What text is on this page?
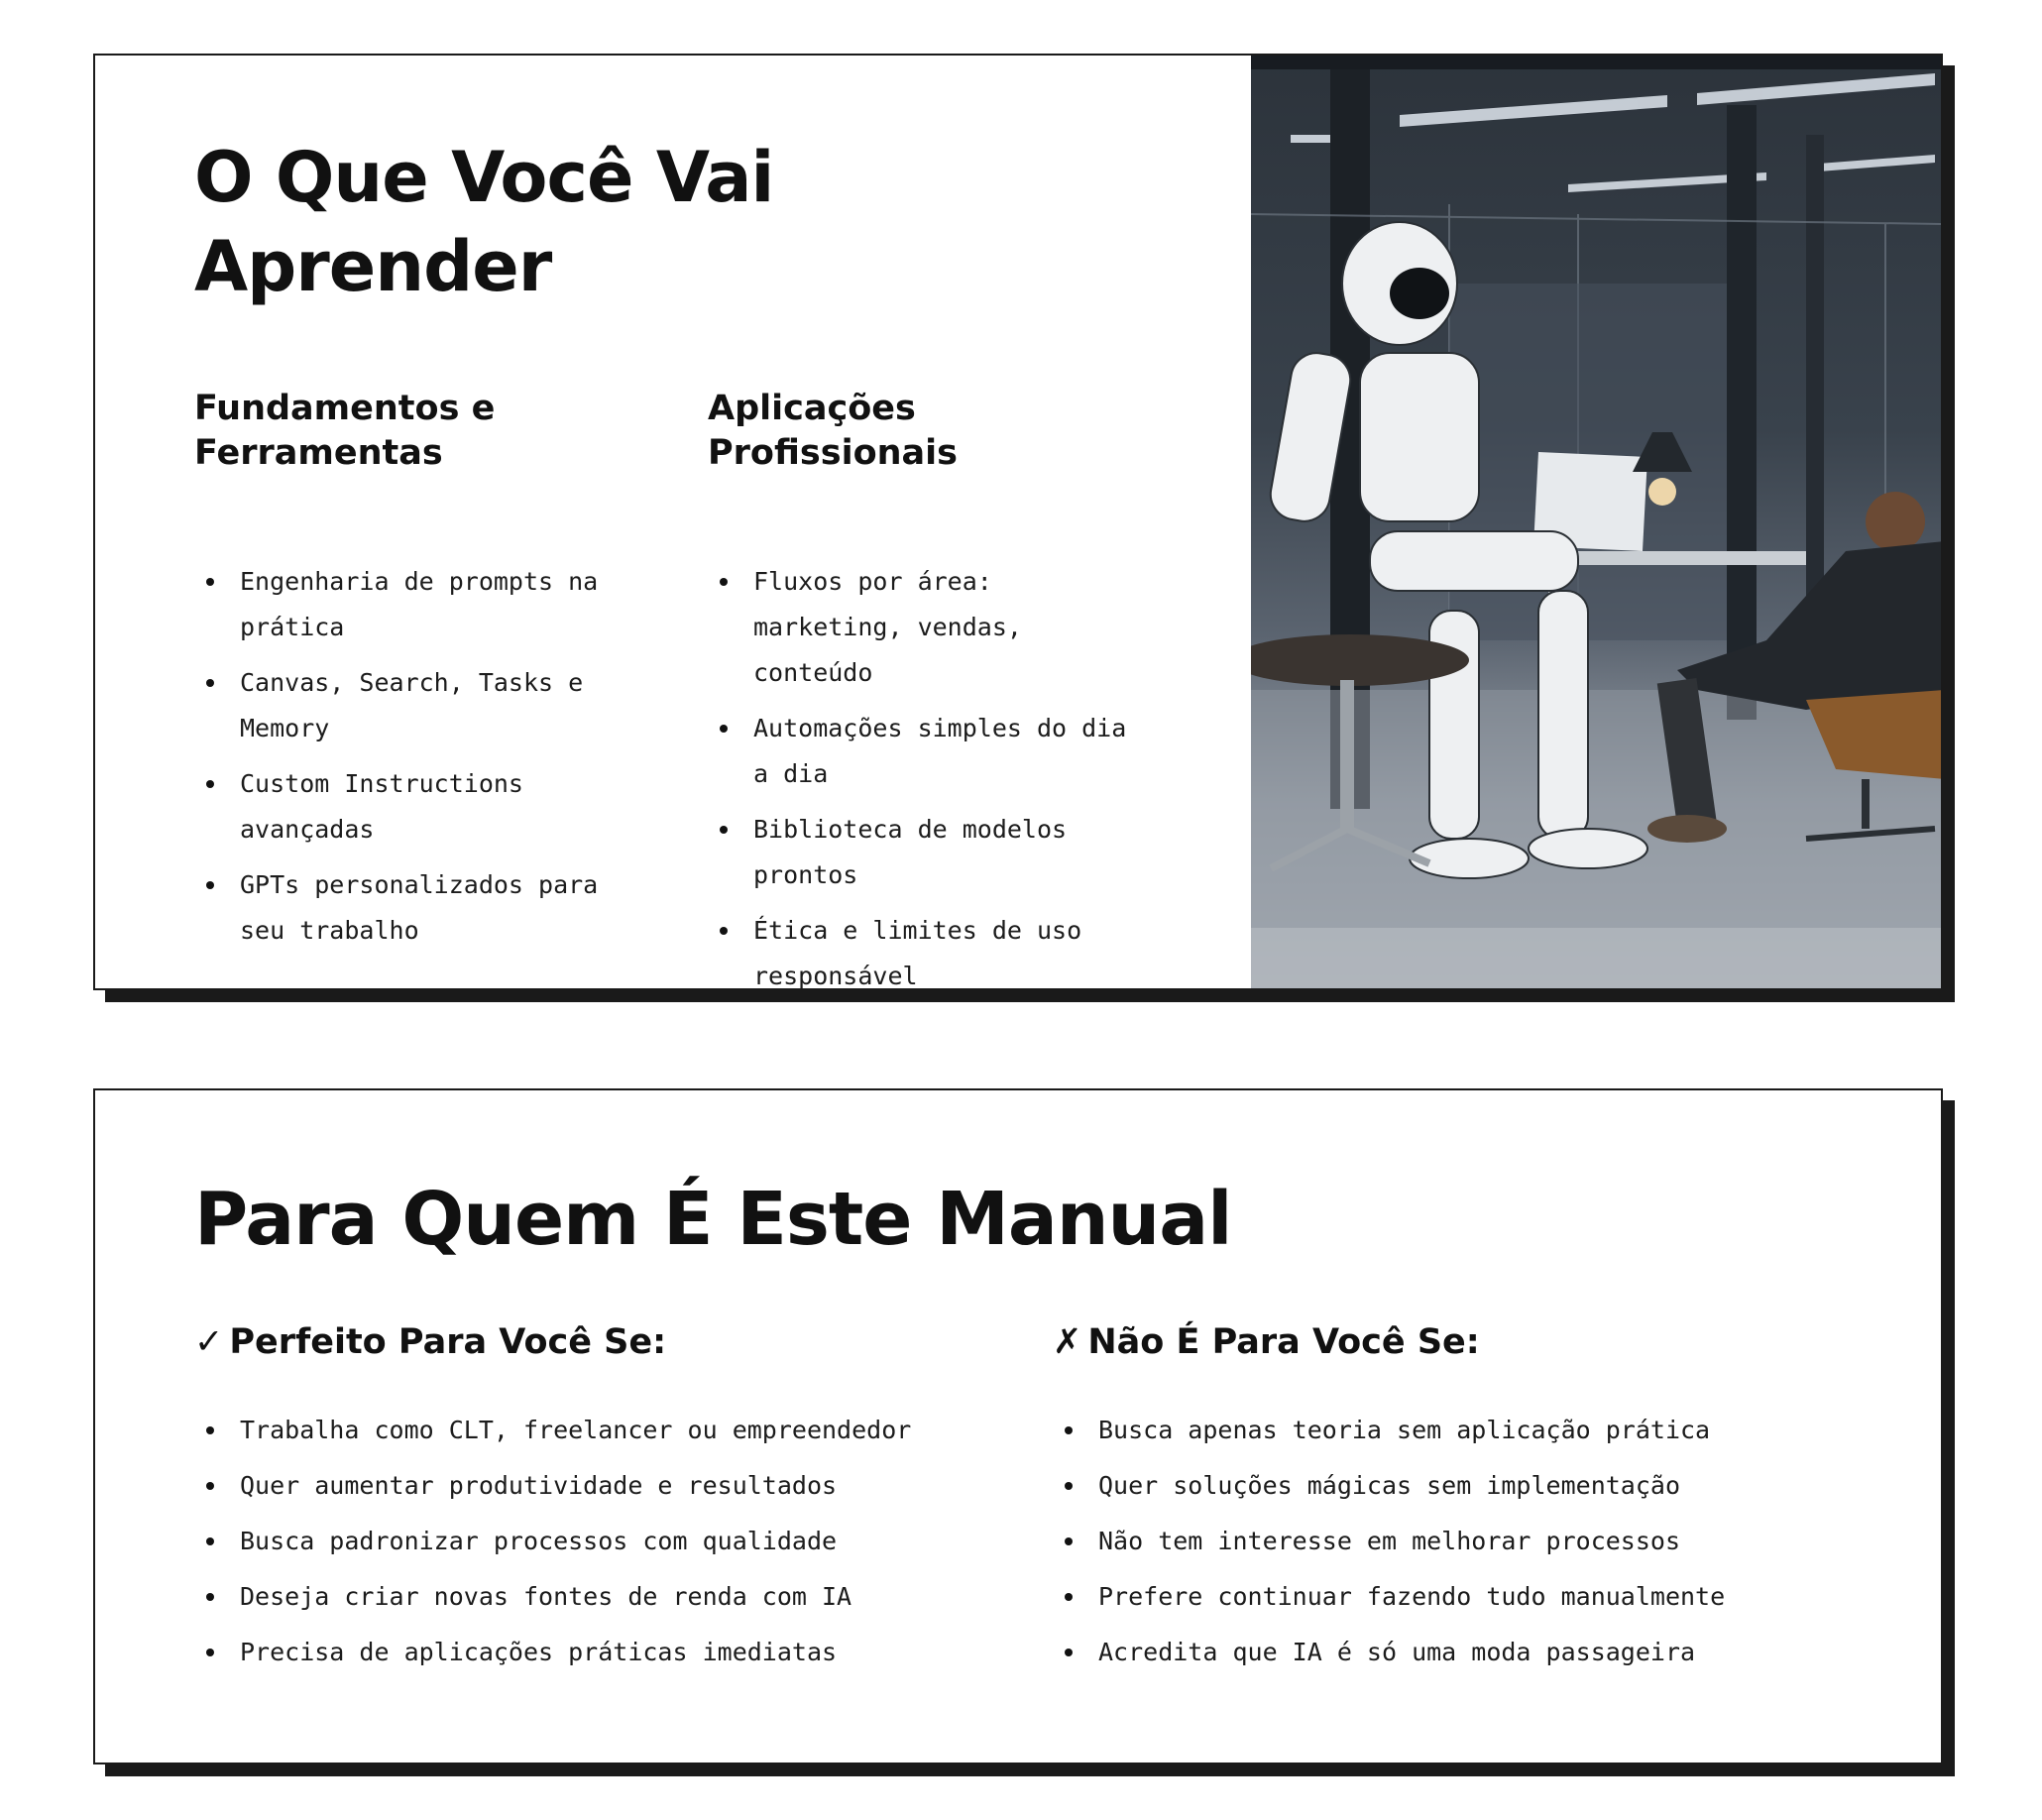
O Que Você Vai Aprender
Fundamentos e Ferramentas
Engenharia de prompts na prática
Canvas, Search, Tasks e Memory
Custom Instructions avançadas
GPTs personalizados para seu trabalho
Aplicações Profissionais
Fluxos por área: marketing, vendas, conteúdo
Automações simples do dia a dia
Biblioteca de modelos prontos
Ética e limites de uso responsável
Para Quem É Este Manual
✓ Perfeito Para Você Se:
Trabalha como CLT, freelancer ou empreendedor
Quer aumentar produtividade e resultados
Busca padronizar processos com qualidade
Deseja criar novas fontes de renda com IA
Precisa de aplicações práticas imediatas
✗ Não É Para Você Se:
Busca apenas teoria sem aplicação prática
Quer soluções mágicas sem implementação
Não tem interesse em melhorar processos
Prefere continuar fazendo tudo manualmente
Acredita que IA é só uma moda passageira
